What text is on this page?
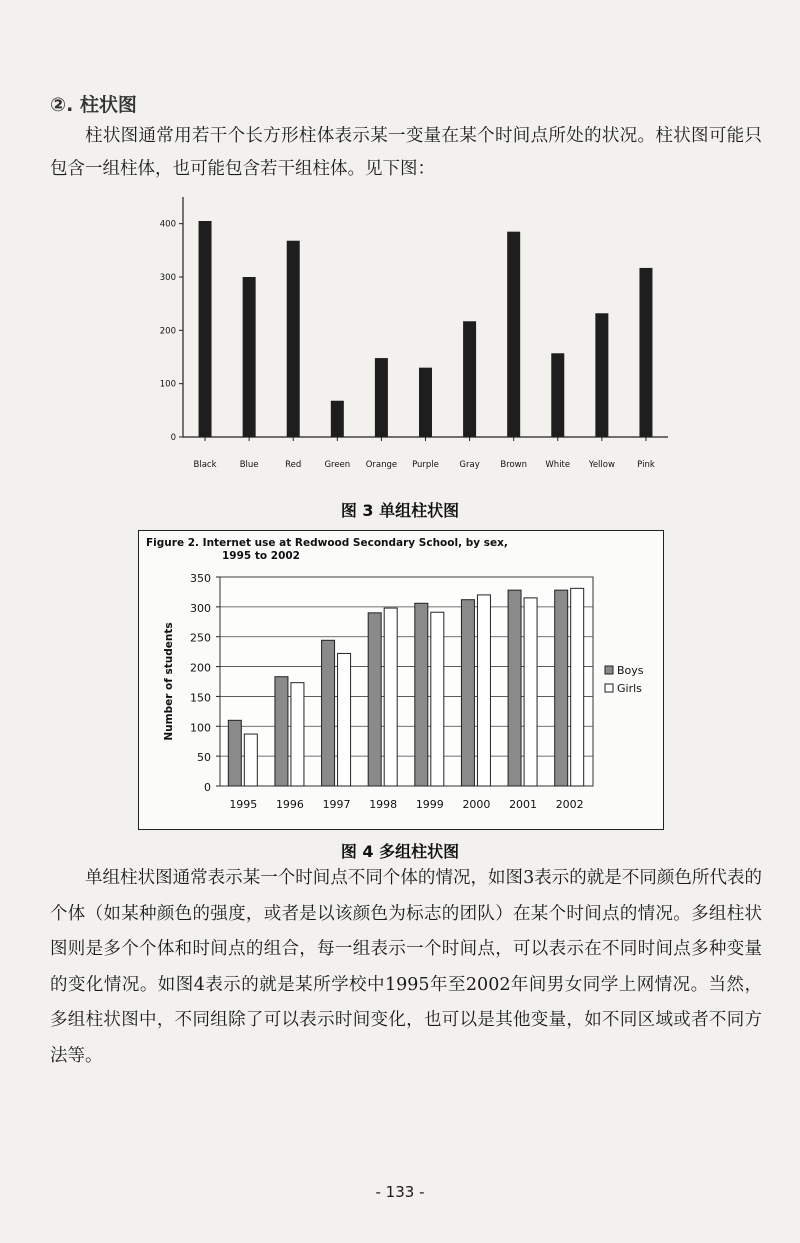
②. 柱状图

柱状图通常用若干个长方形柱体表示某一变量在某个时间点所处的状况。柱状图可能只包含一组柱体，也可能包含若干组柱体。见下图：

0
100
200
300
400
Black	Blue	Red	Green Orange Purple Gray Brown White Yellow	Pink
图 3 单组柱状图
Figure 2. Internet use at Redwood Secondary School, by sex,
1995 to 2002
0
50
100
150
200
250
300
350
Number of students
1995 1996 1997 1998 1999 2000 2001 2002
Boys
Girls
图 4 多组柱状图

单组柱状图通常表示某一个时间点不同个体的情况，如图3表示的就是不同颜色所代表的个体（如某种颜色的强度，或者是以该颜色为标志的团队）在某个时间点的情况。多组柱状图则是多个个体和时间点的组合，每一组表示一个时间点，可以表示在不同时间点多种变量的变化情况。如图4表示的就是某所学校中1995年至2002年间男女同学上网情况。当然，多组柱状图中，不同组除了可以表示时间变化，也可以是其他变量，如不同区域或者不同方法等。

- 133 -
